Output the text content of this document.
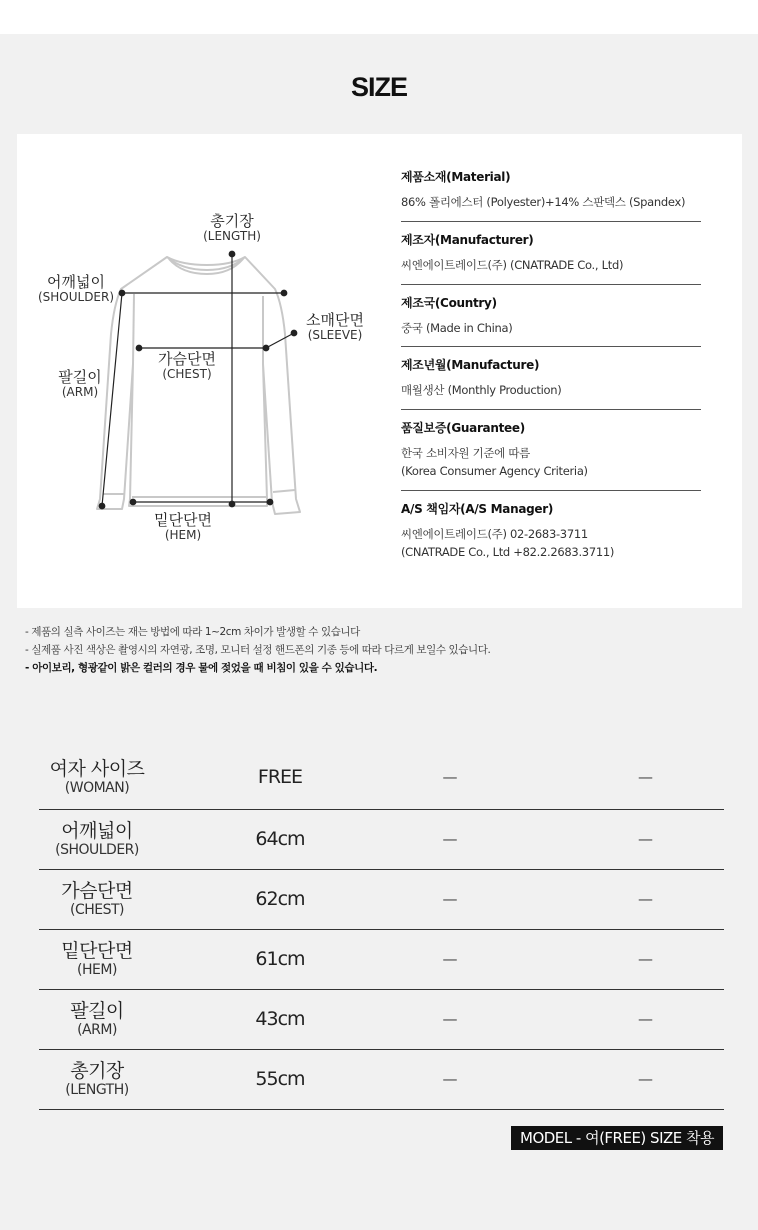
SIZE
총기장
(LENGTH)
어깨넓이
(SHOULDER)
소매단면
(SLEEVE)
가슴단면
(CHEST)
팔길이
(ARM)
밑단단면
(HEM)
제품소재(Material)
86% 폴리에스터 (Polyester)+14% 스판덱스 (Spandex)
제조자(Manufacturer)
씨엔에이트레이드(주) (CNATRADE Co., Ltd)
제조국(Country)
중국 (Made in China)
제조년월(Manufacture)
매월생산 (Monthly Production)
품질보증(Guarantee)
한국 소비자원 기준에 따름
(Korea Consumer Agency Criteria)
A/S 책임자(A/S Manager)
씨엔에이트레이드(주) 02-2683-3711
(CNATRADE Co., Ltd +82.2.2683.3711)
- 제품의 실측 사이즈는 재는 방법에 따라 1~2cm 차이가 발생할 수 있습니다
- 실제품 사진 색상은 촬영시의 자연광, 조명, 모니터 설정 핸드폰의 기종 등에 따라 다르게 보일수 있습니다.
- 아이보리, 형광같이 밝은 컬러의 경우 물에 젖었을 때 비침이 있을 수 있습니다.
여자 사이즈
(WOMAN)
FREE	—	—
어깨넓이
(SHOULDER)
64cm	—	—
가슴단면
(CHEST)
62cm	—	—
밑단단면
(HEM)
61cm	—	—
팔길이
(ARM)
43cm	—	—
총기장
(LENGTH)
55cm	—	—
MODEL - 여(FREE) SIZE 착용
